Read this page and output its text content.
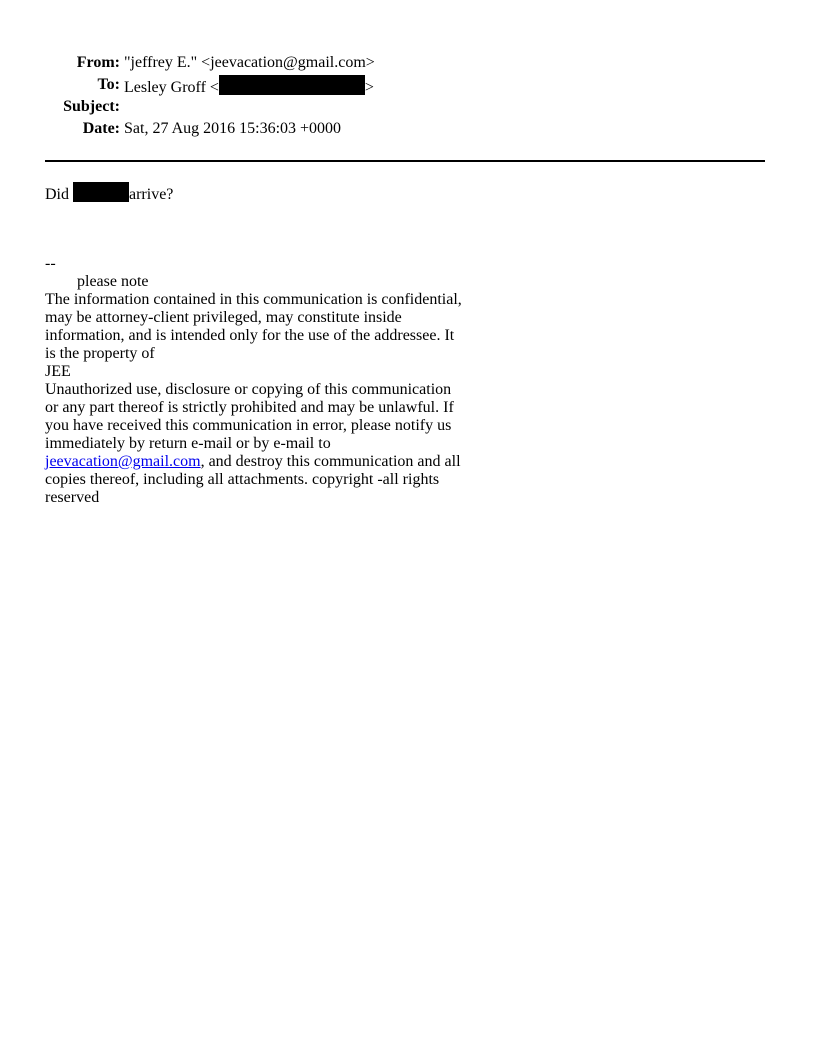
From: "jeffrey E." <jeevacation@gmail.com>
To: Lesley Groff <	>
Subject:
Date: Sat, 27 Aug 2016 15:36:03 +0000
Did	arrive?
--
please note
The information contained in this communication is confidential, may be attorney-client privileged, may constitute inside information, and is intended only for the use of the addressee. It is the property of
JEE
Unauthorized use, disclosure or copying of this communication or any part thereof is strictly prohibited and may be unlawful. If you have received this communication in error, please notify us immediately by return e-mail or by e-mail to jeevacation@gmail.com, and destroy this communication and all copies thereof, including all attachments. copyright -all rights reserved
